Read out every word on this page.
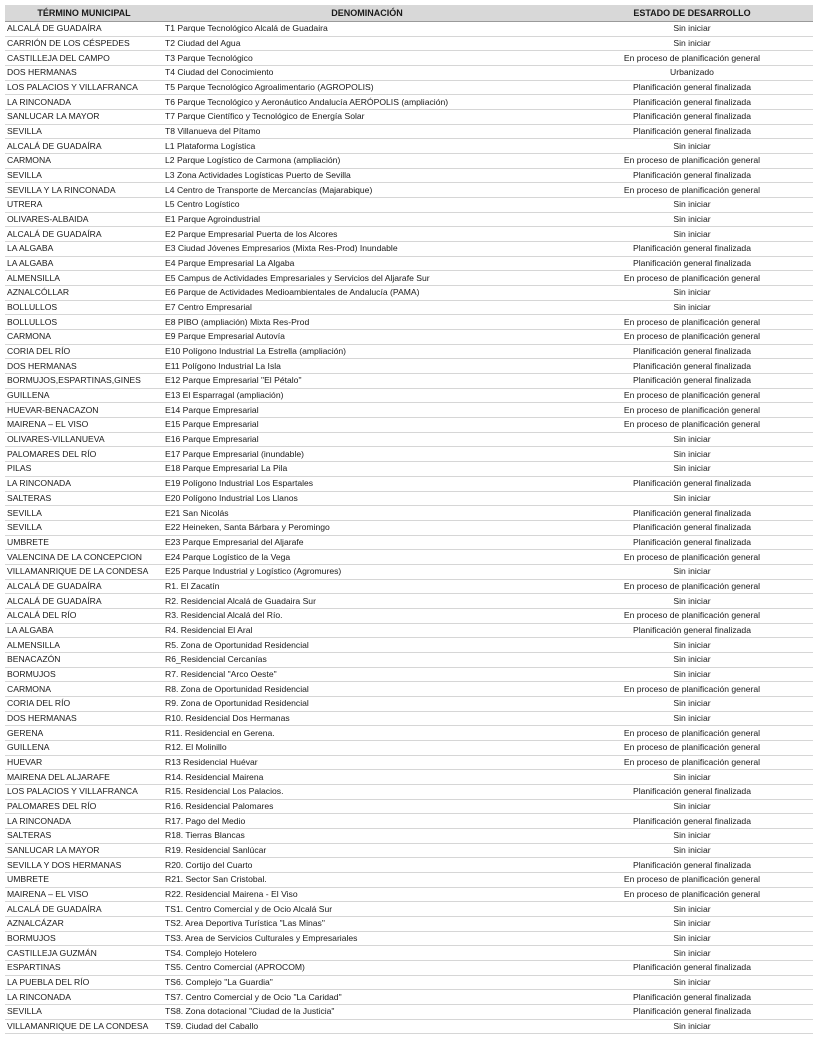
TÉRMINO MUNICIPAL	DENOMINACIÓN	ESTADO DE DESARROLLO
ALCALÁ DE GUADAÍRA	T1 Parque Tecnológico Alcalá de Guadaira	Sin iniciar
CARRIÓN DE LOS CÉSPEDES	T2 Ciudad del Agua	Sin iniciar
CASTILLEJA DEL CAMPO	T3 Parque Tecnológico	En proceso de planificación general
DOS HERMANAS	T4 Ciudad del Conocimiento	Urbanizado
LOS PALACIOS Y VILLAFRANCA	T5 Parque Tecnológico Agroalimentario (AGROPOLIS)	Planificación general finalizada
LA RINCONADA	T6 Parque Tecnológico y Aeronáutico Andalucía AERÓPOLIS (ampliación)	Planificación general finalizada
SANLUCAR LA MAYOR	T7 Parque Científico y Tecnológico de Energía Solar	Planificación general finalizada
SEVILLA	T8 Villanueva del Pítamo	Planificación general finalizada
ALCALÁ DE GUADAÍRA	L1 Plataforma Logística	Sin iniciar
CARMONA	L2 Parque Logístico de Carmona (ampliación)	En proceso de planificación general
SEVILLA	L3 Zona Actividades Logísticas Puerto de Sevilla	Planificación general finalizada
SEVILLA Y LA RINCONADA	L4 Centro de Transporte de Mercancías (Majarabique)	En proceso de planificación general
UTRERA	L5 Centro Logístico	Sin iniciar
OLIVARES-ALBAIDA	E1 Parque Agroindustrial	Sin iniciar
ALCALÁ DE GUADAÍRA	E2 Parque Empresarial Puerta de los Alcores	Sin iniciar
LA ALGABA	E3 Ciudad Jóvenes Empresarios (Mixta Res-Prod) Inundable	Planificación general finalizada
LA ALGABA	E4 Parque Empresarial La Algaba	Planificación general finalizada
ALMENSILLA	E5 Campus de Actividades Empresariales y Servicios del Aljarafe Sur	En proceso de planificación general
AZNALCÓLLAR	E6 Parque de Actividades Medioambientales de Andalucía (PAMA)	Sin iniciar
BOLLULLOS	E7 Centro Empresarial	Sin iniciar
BOLLULLOS	E8 PIBO (ampliación) Mixta Res-Prod	En proceso de planificación general
CARMONA	E9 Parque Empresarial Autovía	En proceso de planificación general
CORIA DEL RÍO	E10 Polígono Industrial La Estrella (ampliación)	Planificación general finalizada
DOS HERMANAS	E11 Polígono Industrial La Isla	Planificación general finalizada
BORMUJOS,ESPARTINAS,GINES	E12 Parque Empresarial "El Pétalo"	Planificación general finalizada
GUILLENA	E13 El Esparragal (ampliación)	En proceso de planificación general
HUEVAR-BENACAZON	E14 Parque Empresarial	En proceso de planificación general
MAIRENA – EL VISO	E15 Parque Empresarial	En proceso de planificación general
OLIVARES-VILLANUEVA	E16 Parque Empresarial	Sin iniciar
PALOMARES DEL RÍO	E17 Parque Empresarial (inundable)	Sin iniciar
PILAS	E18 Parque Empresarial La Pila	Sin iniciar
LA RINCONADA	E19 Polígono Industrial Los Espartales	Planificación general finalizada
SALTERAS	E20 Polígono Industrial Los Llanos	Sin iniciar
SEVILLA	E21 San Nicolás	Planificación general finalizada
SEVILLA	E22 Heineken, Santa Bárbara y Peromingo	Planificación general finalizada
UMBRETE	E23 Parque Empresarial del Aljarafe	Planificación general finalizada
VALENCINA DE LA CONCEPCION	E24 Parque Logístico de la Vega	En proceso de planificación general
VILLAMANRIQUE DE LA CONDESA	E25 Parque Industrial y Logístico (Agromures)	Sin iniciar
ALCALÁ DE GUADAÍRA	R1. El Zacatín	En proceso de planificación general
ALCALÁ DE GUADAÍRA	R2. Residencial Alcalá de Guadaira Sur	Sin iniciar
ALCALÁ DEL RÍO	R3. Residencial Alcalá del Río.	En proceso de planificación general
LA ALGABA	R4. Residencial El Aral	Planificación general finalizada
ALMENSILLA	R5. Zona de Oportunidad Residencial	Sin iniciar
BENACAZÓN	R6_Residencial Cercanías	Sin iniciar
BORMUJOS	R7. Residencial "Arco Oeste"	Sin iniciar
CARMONA	R8. Zona de Oportunidad Residencial	En proceso de planificación general
CORIA DEL RÍO	R9. Zona de Oportunidad Residencial	Sin iniciar
DOS HERMANAS	R10. Residencial Dos Hermanas	Sin iniciar
GERENA	R11. Residencial en Gerena.	En proceso de planificación general
GUILLENA	R12. El Molinillo	En proceso de planificación general
HUEVAR	R13 Residencial Huévar	En proceso de planificación general
MAIRENA DEL ALJARAFE	R14. Residencial Mairena	Sin iniciar
LOS PALACIOS Y VILLAFRANCA	R15. Residencial Los Palacios.	Planificación general finalizada
PALOMARES DEL RÍO	R16. Residencial Palomares	Sin iniciar
LA RINCONADA	R17. Pago del Medio	Planificación general finalizada
SALTERAS	R18. Tierras Blancas	Sin iniciar
SANLUCAR LA MAYOR	R19. Residencial Sanlúcar	Sin iniciar
SEVILLA Y DOS HERMANAS	R20. Cortijo del Cuarto	Planificación general finalizada
UMBRETE	R21. Sector San Cristobal.	En proceso de planificación general
MAIRENA – EL VISO	R22. Residencial Mairena - El Viso	En proceso de planificación general
ALCALÁ DE GUADAÍRA	TS1. Centro Comercial y de Ocio Alcalá Sur	Sin iniciar
AZNALCÁZAR	TS2. Area Deportiva Turística "Las Minas"	Sin iniciar
BORMUJOS	TS3. Area de Servicios Culturales y Empresariales	Sin iniciar
CASTILLEJA GUZMÁN	TS4. Complejo Hotelero	Sin iniciar
ESPARTINAS	TS5. Centro Comercial (APROCOM)	Planificación general finalizada
LA PUEBLA DEL RÍO	TS6. Complejo "La Guardia"	Sin iniciar
LA RINCONADA	TS7. Centro Comercial y de Ocio "La Caridad"	Planificación general finalizada
SEVILLA	TS8. Zona dotacional "Ciudad de la Justicia"	Planificación general finalizada
VILLAMANRIQUE DE LA CONDESA	TS9. Ciudad del Caballo	Sin iniciar
